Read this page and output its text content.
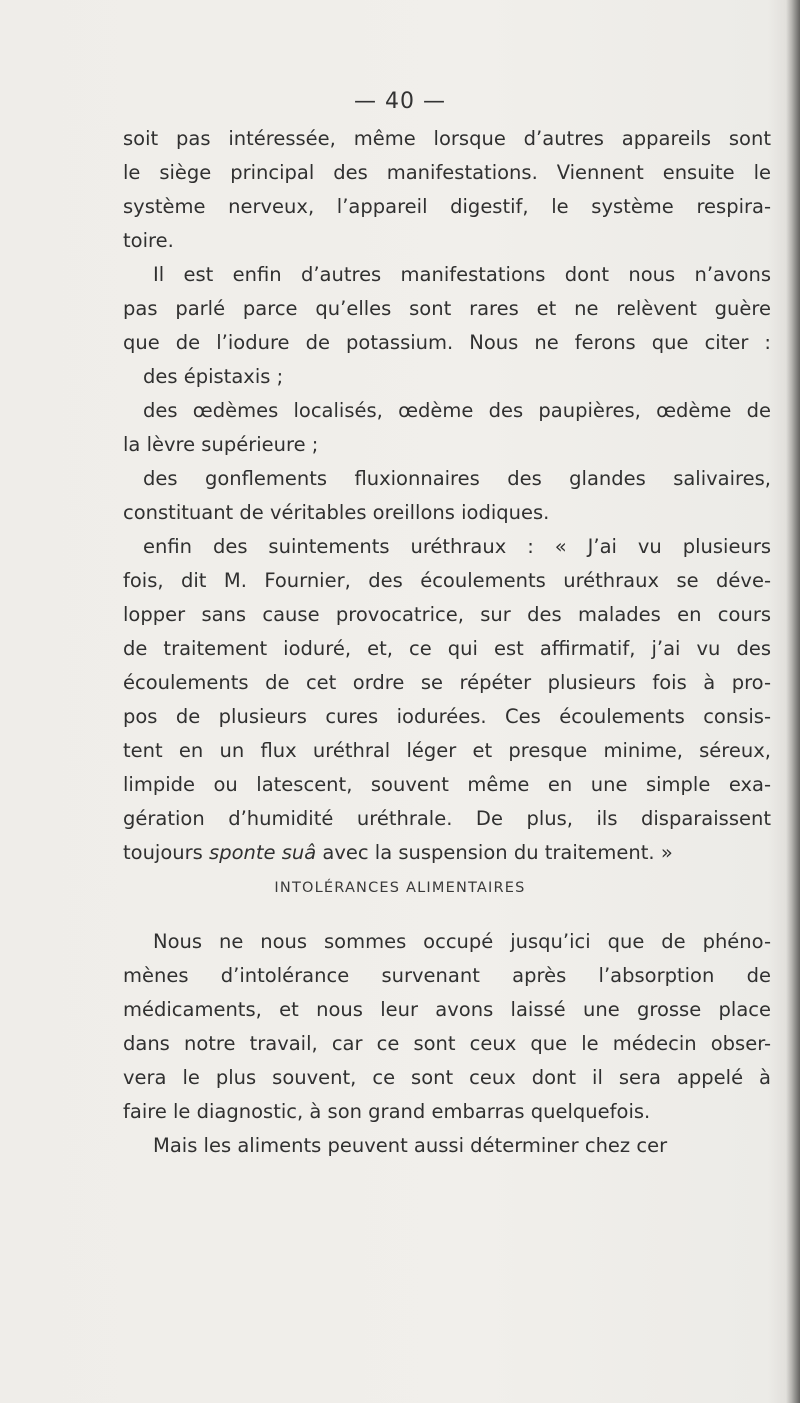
— 40 —
soit pas intéressée, même lorsque d’autres appareils sont
le siège principal des manifestations. Viennent ensuite le
système nerveux, l’appareil digestif, le système respira-
toire.
Il est enfin d’autres manifestations dont nous n’avons
pas parlé parce qu’elles sont rares et ne relèvent guère
que de l’iodure de potassium. Nous ne ferons que citer :
des épistaxis ;
des œdèmes localisés, œdème des paupières, œdème de
la lèvre supérieure ;
des gonflements fluxionnaires des glandes salivaires,
constituant de véritables oreillons iodiques.
enfin des suintements uréthraux : « J’ai vu plusieurs
fois, dit M. Fournier, des écoulements uréthraux se déve-
lopper sans cause provocatrice, sur des malades en cours
de traitement ioduré, et, ce qui est affirmatif, j’ai vu des
écoulements de cet ordre se répéter plusieurs fois à pro-
pos de plusieurs cures iodurées. Ces écoulements consis-
tent en un flux uréthral léger et presque minime, séreux,
limpide ou latescent, souvent même en une simple exa-
gération d’humidité uréthrale. De plus, ils disparaissent
toujours sponte suâ avec la suspension du traitement. »
INTOLÉRANCES ALIMENTAIRES
Nous ne nous sommes occupé jusqu’ici que de phéno-
mènes d’intolérance survenant après l’absorption de
médicaments, et nous leur avons laissé une grosse place
dans notre travail, car ce sont ceux que le médecin obser-
vera le plus souvent, ce sont ceux dont il sera appelé à
faire le diagnostic, à son grand embarras quelquefois.
Mais les aliments peuvent aussi déterminer chez cer
